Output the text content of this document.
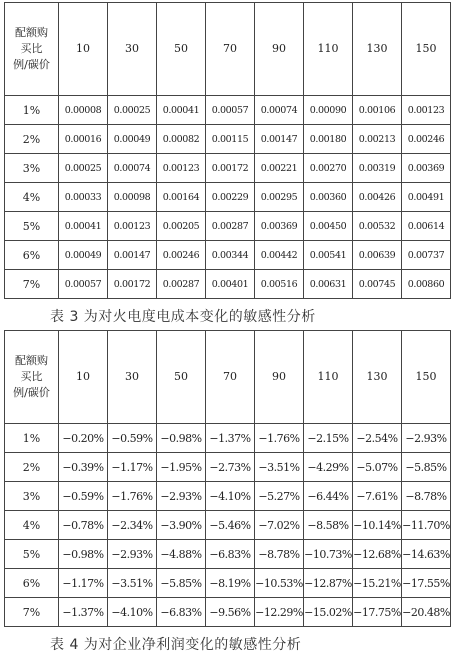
配额购
买比
例/碳价	10	30	50	70	90	110	130	150
1%	0.00008	0.00025	0.00041	0.00057	0.00074	0.00090	0.00106	0.00123
2%	0.00016	0.00049	0.00082	0.00115	0.00147	0.00180	0.00213	0.00246
3%	0.00025	0.00074	0.00123	0.00172	0.00221	0.00270	0.00319	0.00369
4%	0.00033	0.00098	0.00164	0.00229	0.00295	0.00360	0.00426	0.00491
5%	0.00041	0.00123	0.00205	0.00287	0.00369	0.00450	0.00532	0.00614
6%	0.00049	0.00147	0.00246	0.00344	0.00442	0.00541	0.00639	0.00737
7%	0.00057	0.00172	0.00287	0.00401	0.00516	0.00631	0.00745	0.00860
表 3 为对火电度电成本变化的敏感性分析
配额购
买比
例/碳价	10	30	50	70	90	110	130	150
1%	−0.20%	−0.59%	−0.98%	−1.37%	−1.76%	−2.15%	−2.54%	−2.93%
2%	−0.39%	−1.17%	−1.95%	−2.73%	−3.51%	−4.29%	−5.07%	−5.85%
3%	−0.59%	−1.76%	−2.93%	−4.10%	−5.27%	−6.44%	−7.61%	−8.78%
4%	−0.78%	−2.34%	−3.90%	−5.46%	−7.02%	−8.58%	−10.14%	−11.70%
5%	−0.98%	−2.93%	−4.88%	−6.83%	−8.78%	−10.73%	−12.68%	−14.63%
6%	−1.17%	−3.51%	−5.85%	−8.19%	−10.53%	−12.87%	−15.21%	−17.55%
7%	−1.37%	−4.10%	−6.83%	−9.56%	−12.29%	−15.02%	−17.75%	−20.48%
表 4 为对企业净利润变化的敏感性分析
